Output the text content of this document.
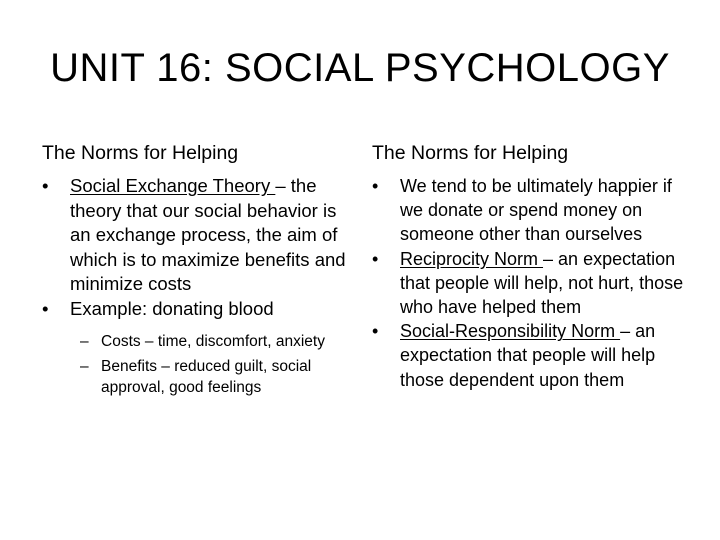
UNIT 16: SOCIAL PSYCHOLOGY
The Norms for Helping
•	Social Exchange Theory – the theory that our social behavior is an exchange process, the aim of which is to maximize benefits and minimize costs
•	Example: donating blood
– Costs – time, discomfort, anxiety
– Benefits – reduced guilt, social approval, good feelings
The Norms for Helping
•	We tend to be ultimately happier if we donate or spend money on someone other than ourselves
•	Reciprocity Norm – an expectation that people will help, not hurt, those who have helped them
•	Social-Responsibility Norm – an expectation that people will help those dependent upon them
